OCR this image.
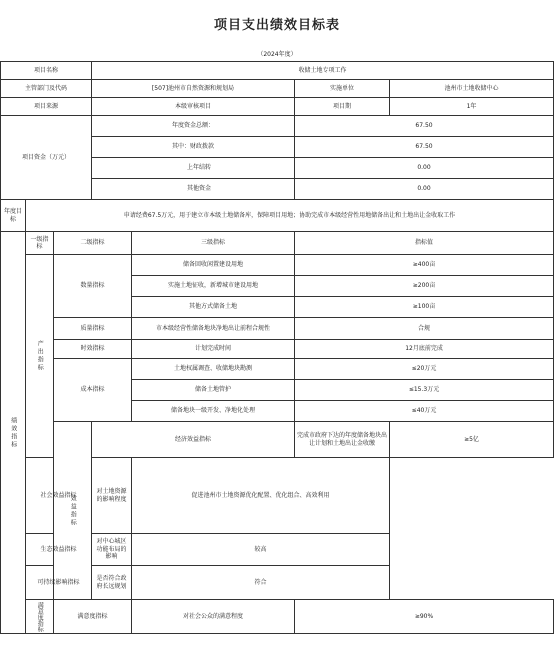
项目支出绩效目标表
（2024年度）
项目名称			收储土地专项工作			
主管部门及代码			[507]池州市自然资源和规划局		实施单位	池州市土地收储中心
项目来源			本级审核项目		项目期	1年
项目资金（万元）			年度资金总额：		67.50	
			其中：财政拨款		67.50	
			上年结转		0.00	
			其他资金		0.00	
年度目标	申请经费67.5万元，用于建立市本级土地储备库，保障项目用地；协助完成市本级经营性用地储备出让和土地出让金收取工作					
绩效指标	一级指标	二级指标		三级指标	指标值	
	产出指标	数量指标		储备回收闲置建设用地	≥400亩	
				实施土地征收，新增城市建设用地	≥200亩	
				其他方式储备土地	≥100亩	
		质量指标		市本级经营性储备地块净地出让前程合规性	合规	
		时效指标		计划完成时间	12月底前完成	
		成本指标		土地权属调查、收储地块勘测	≤20万元	
				储备土地管护	≤15.3万元	
				储备地块一级开发、净地化处理	≤40万元	
		效益指标	经济效益指标		完成市政府下达的年度储备地块出让计划和土地出让金收缴	≥5亿
	社会效益指标		对土地资源的影响程度	促进池州市土地资源优化配置、优化组合、高效利用		
	生态效益指标		对中心城区功能布局的影响	较高		
	可持续影响指标		是否符合政府长远规划	符合		
	满意度指标	满意度指标		对社会公众的满意程度	≥90%	
